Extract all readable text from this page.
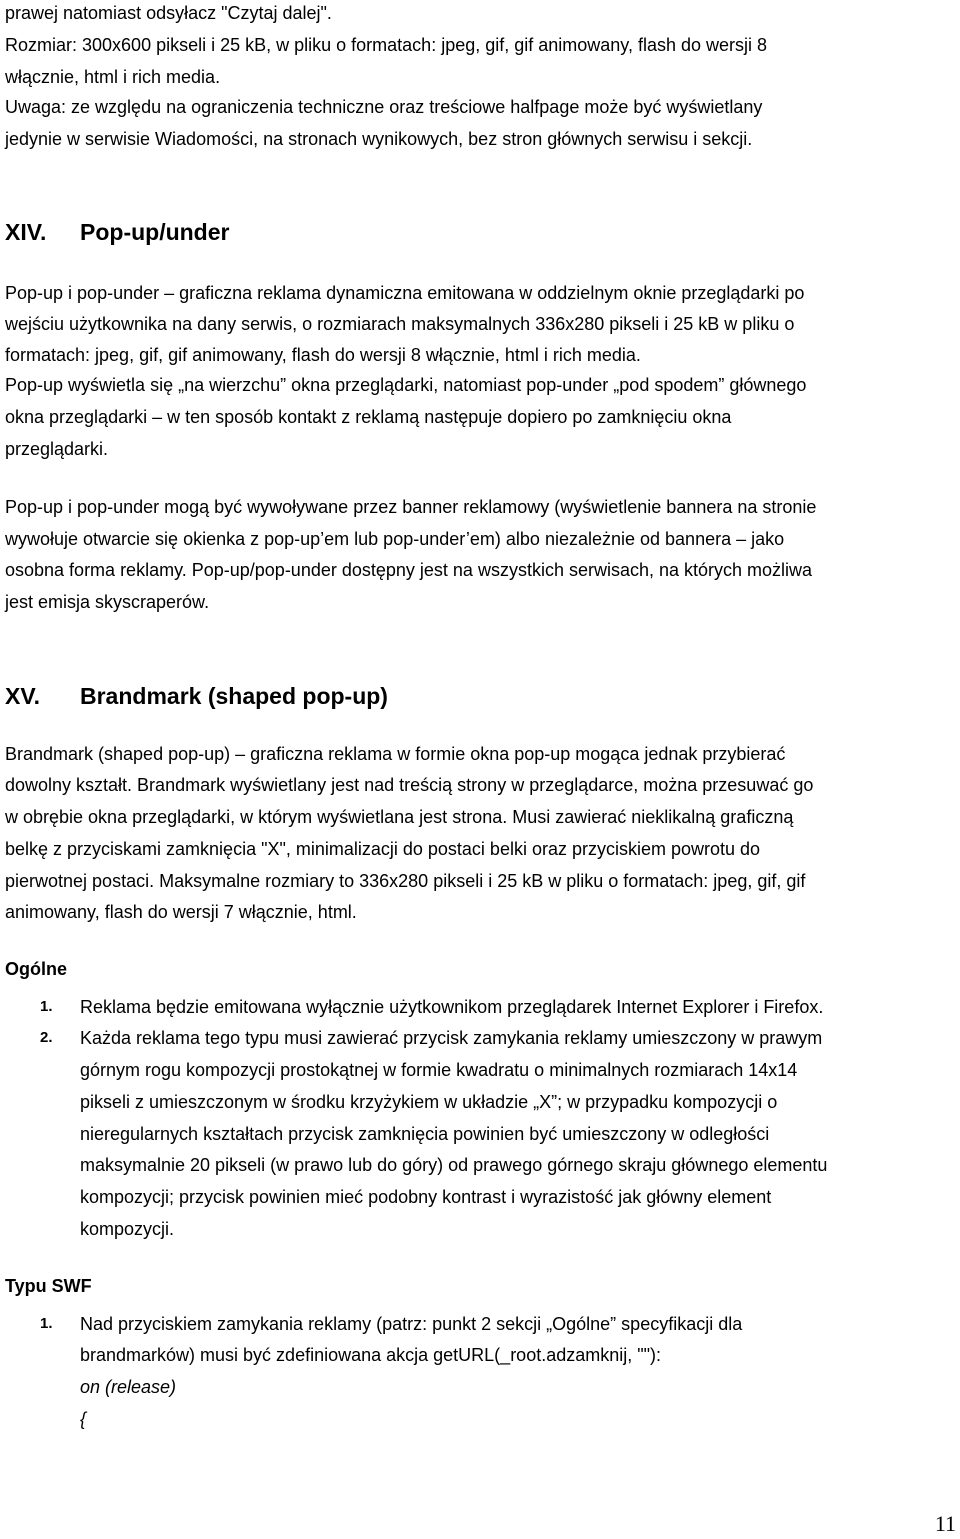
prawej natomiast odsyłacz "Czytaj dalej".
Rozmiar: 300x600 pikseli i 25 kB, w pliku o formatach: jpeg, gif, gif animowany, flash do wersji 8
włącznie, html i rich media.
Uwaga: ze względu na ograniczenia techniczne oraz treściowe halfpage może być wyświetlany
jedynie w serwisie Wiadomości, na stronach wynikowych, bez stron głównych serwisu i sekcji.
XIV. Pop-up/under
Pop-up i pop-under – graficzna reklama dynamiczna emitowana w oddzielnym oknie przeglądarki po
wejściu użytkownika na dany serwis, o rozmiarach maksymalnych 336x280 pikseli i 25 kB w pliku o
formatach: jpeg, gif, gif animowany, flash do wersji 8 włącznie, html i rich media.
Pop-up wyświetla się „na wierzchu” okna przeglądarki, natomiast pop-under „pod spodem” głównego
okna przeglądarki – w ten sposób kontakt z reklamą następuje dopiero po zamknięciu okna
przeglądarki.
Pop-up i pop-under mogą być wywoływane przez banner reklamowy (wyświetlenie bannera na stronie
wywołuje otwarcie się okienka z pop-up’em lub pop-under’em) albo niezależnie od bannera – jako
osobna forma reklamy. Pop-up/pop-under dostępny jest na wszystkich serwisach, na których możliwa
jest emisja skyscraperów.
XV. Brandmark (shaped pop-up)
Brandmark (shaped pop-up) – graficzna reklama w formie okna pop-up mogąca jednak przybierać
dowolny kształt. Brandmark wyświetlany jest nad treścią strony w przeglądarce, można przesuwać go
w obrębie okna przeglądarki, w którym wyświetlana jest strona. Musi zawierać nieklikalną graficzną
belkę z przyciskami zamknięcia "X", minimalizacji do postaci belki oraz przyciskiem powrotu do
pierwotnej postaci. Maksymalne rozmiary to 336x280 pikseli i 25 kB w pliku o formatach: jpeg, gif, gif
animowany, flash do wersji 7 włącznie, html.
Ogólne
1. Reklama będzie emitowana wyłącznie użytkownikom przeglądarek Internet Explorer i Firefox.
2. Każda reklama tego typu musi zawierać przycisk zamykania reklamy umieszczony w prawym
górnym rogu kompozycji prostokątnej w formie kwadratu o minimalnych rozmiarach 14x14
pikseli z umieszczonym w środku krzyżykiem w układzie „X”; w przypadku kompozycji o
nieregularnych kształtach przycisk zamknięcia powinien być umieszczony w odległości
maksymalnie 20 pikseli (w prawo lub do góry) od prawego górnego skraju głównego elementu
kompozycji; przycisk powinien mieć podobny kontrast i wyrazistość jak główny element
kompozycji.
Typu SWF
1. Nad przyciskiem zamykania reklamy (patrz: punkt 2 sekcji „Ogólne” specyfikacji dla
brandmarków) musi być zdefiniowana akcja getURL(_root.adzamknij, ""):
on (release)
{
11
